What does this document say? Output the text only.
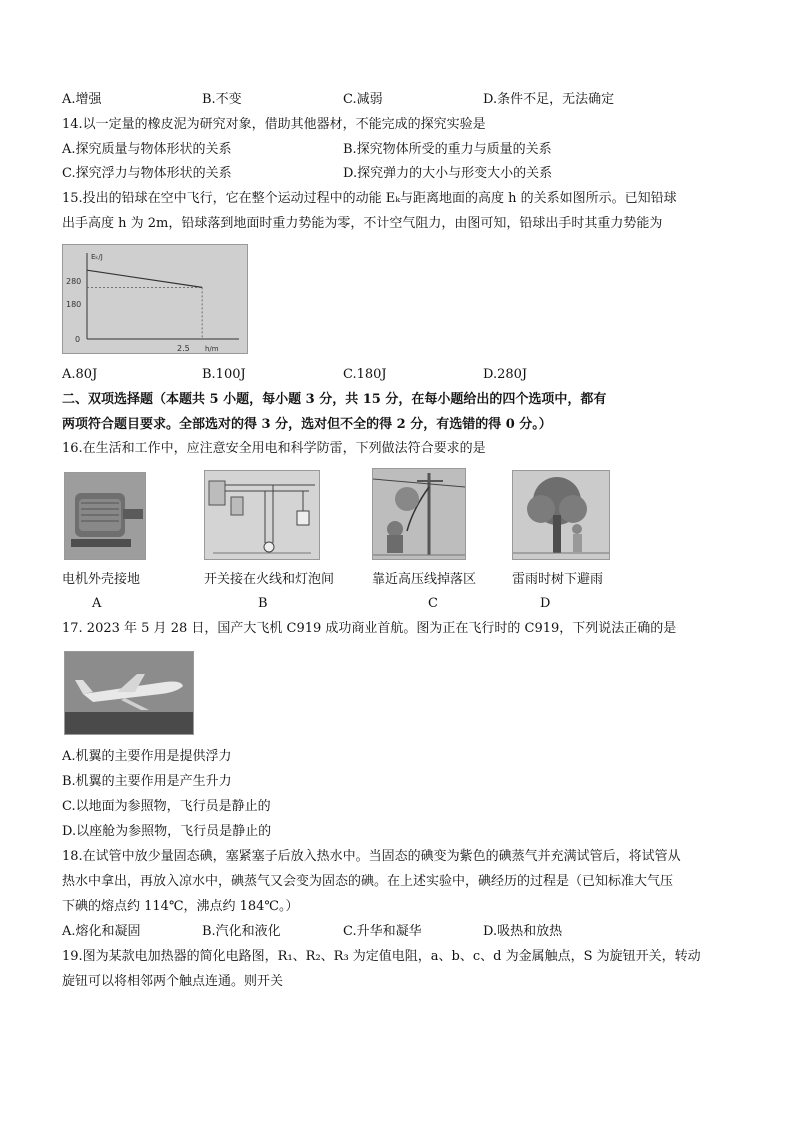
A.增强	B.不变	C.减弱	D.条件不足，无法确定
14.以一定量的橡皮泥为研究对象，借助其他器材，不能完成的探究实验是
A.探究质量与物体形状的关系	B.探究物体所受的重力与质量的关系
C.探究浮力与物体形状的关系	D.探究弹力的大小与形变大小的关系
15.投出的铅球在空中飞行，它在整个运动过程中的动能 Eₖ与距离地面的高度 h 的关系如图所示。已知铅球
出手高度 h 为 2m，铅球落到地面时重力势能为零，不计空气阻力，由图可知，铅球出手时其重力势能为
Eₖ/J
h/m
280
180
0
2.5
A.80J	B.100J	C.180J	D.280J
二、双项选择题（本题共 5 小题，每小题 3 分，共 15 分，在每小题给出的四个选项中，都有
两项符合题目要求。全部选对的得 3 分，选对但不全的得 2 分，有选错的得 0 分。）
16.在生活和工作中，应注意安全用电和科学防雷，下列做法符合要求的是
电机外壳接地	开关接在火线和灯泡间	靠近高压线掉落区	雷雨时树下避雨
A	B	C	D
17. 2023 年 5 月 28 日，国产大飞机 C919 成功商业首航。图为正在飞行时的 C919，下列说法正确的是
A.机翼的主要作用是提供浮力
B.机翼的主要作用是产生升力
C.以地面为参照物，飞行员是静止的
D.以座舱为参照物，飞行员是静止的
18.在试管中放少量固态碘，塞紧塞子后放入热水中。当固态的碘变为紫色的碘蒸气并充满试管后，将试管从
热水中拿出，再放入凉水中，碘蒸气又会变为固态的碘。在上述实验中，碘经历的过程是（已知标准大气压
下碘的熔点约 114℃，沸点约 184℃。）
A.熔化和凝固	B.汽化和液化	C.升华和凝华	D.吸热和放热
19.图为某款电加热器的简化电路图，R₁、R₂、R₃ 为定值电阻，a、b、c、d 为金属触点，S 为旋钮开关，转动
旋钮可以将相邻两个触点连通。则开关
